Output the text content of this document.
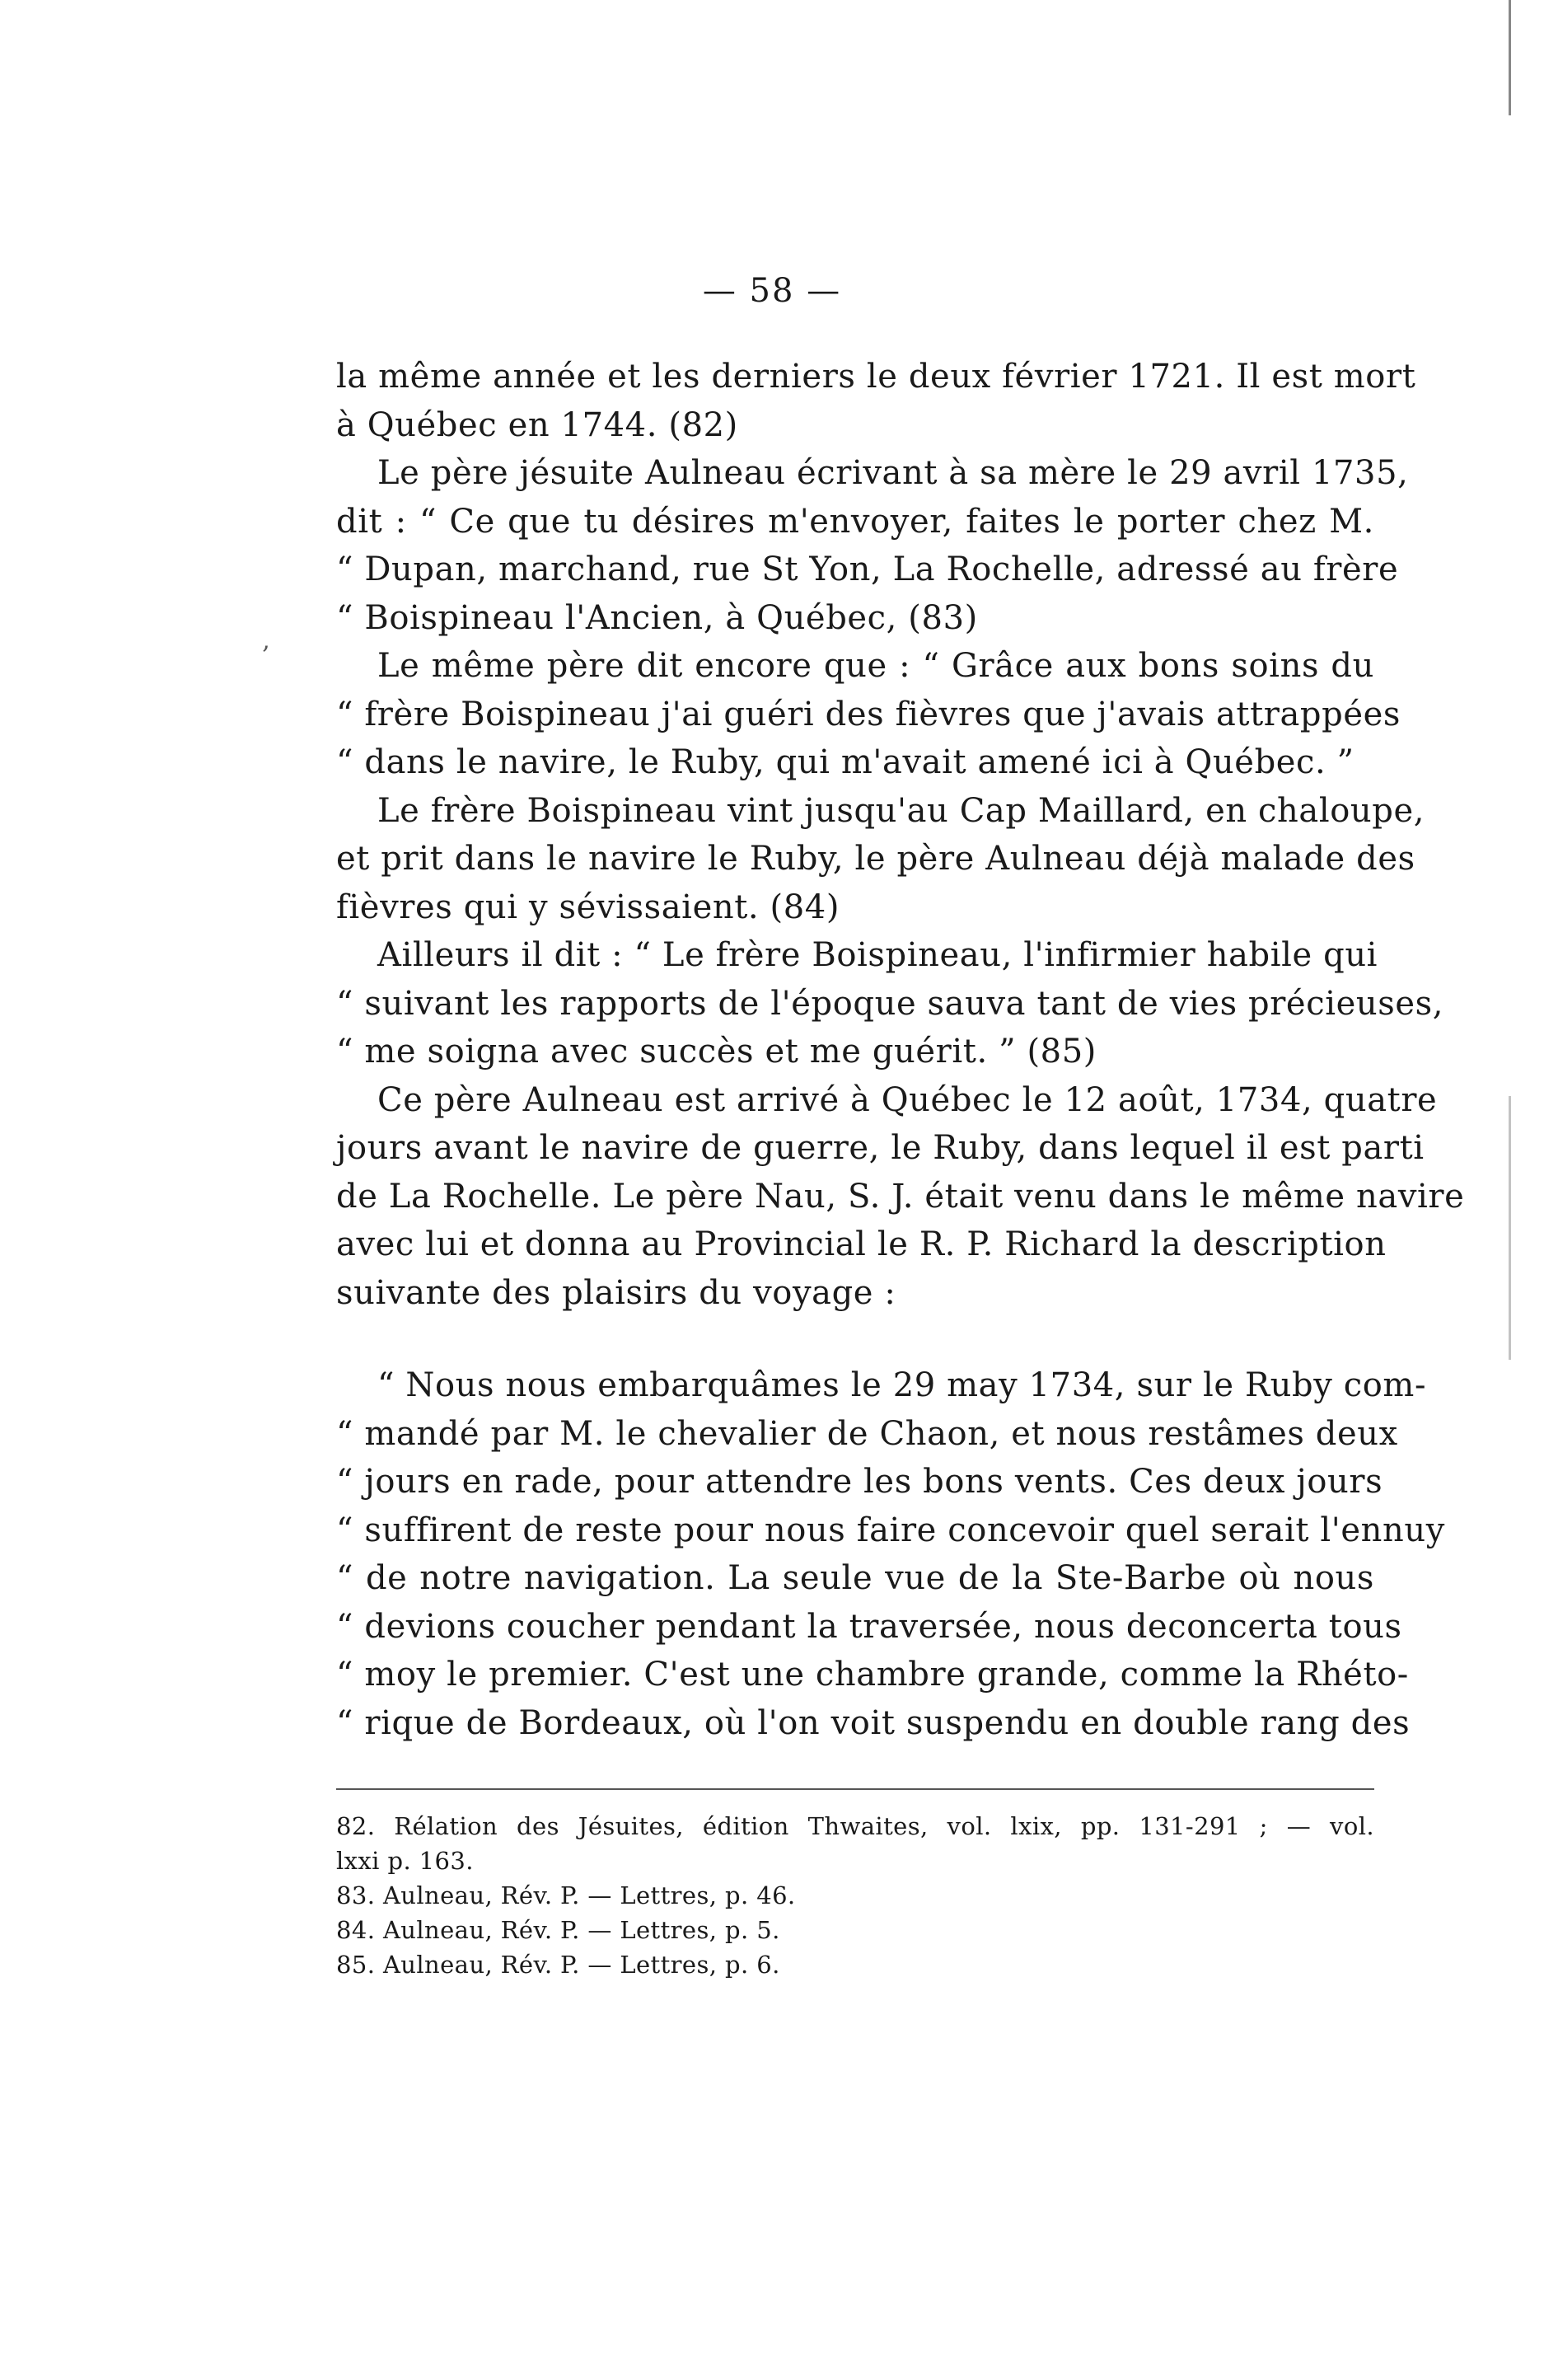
— 58 —
‚
la même année et les derniers le deux février 1721. Il est mort
à Québec en 1744. (82)
Le père jésuite Aulneau écrivant à sa mère le 29 avril 1735,
dit : “ Ce que tu désires m'envoyer, faites le porter chez M.
“ Dupan, marchand, rue St Yon, La Rochelle, adressé au frère
“ Boispineau l'Ancien, à Québec, (83)
Le même père dit encore que : “ Grâce aux bons soins du
“ frère Boispineau j'ai guéri des fièvres que j'avais attrappées
“ dans le navire, le Ruby, qui m'avait amené ici à Québec. ”
Le frère Boispineau vint jusqu'au Cap Maillard, en chaloupe,
et prit dans le navire le Ruby, le père Aulneau déjà malade des
fièvres qui y sévissaient. (84)
Ailleurs il dit : “ Le frère Boispineau, l'infirmier habile qui
“ suivant les rapports de l'époque sauva tant de vies précieuses,
“ me soigna avec succès et me guérit. ” (85)
Ce père Aulneau est arrivé à Québec le 12 août, 1734, quatre
jours avant le navire de guerre, le Ruby, dans lequel il est parti
de La Rochelle. Le père Nau, S. J. était venu dans le même navire
avec lui et donna au Provincial le R. P. Richard la description
suivante des plaisirs du voyage :
“ Nous nous embarquâmes le 29 may 1734, sur le Ruby com-
“ mandé par M. le chevalier de Chaon, et nous restâmes deux
“ jours en rade, pour attendre les bons vents. Ces deux jours
“ suffirent de reste pour nous faire concevoir quel serait l'ennuy
“ de notre navigation. La seule vue de la Ste-Barbe où nous
“ devions coucher pendant la traversée, nous deconcerta tous
“ moy le premier. C'est une chambre grande, comme la Rhéto-
“ rique de Bordeaux, où l'on voit suspendu en double rang des
82. Rélation des Jésuites, édition Thwaites, vol. lxix, pp. 131-291 ; — vol.
lxxi p. 163.
83. Aulneau, Rév. P. — Lettres, p. 46.
84. Aulneau, Rév. P. — Lettres, p. 5.
85. Aulneau, Rév. P. — Lettres, p. 6.
